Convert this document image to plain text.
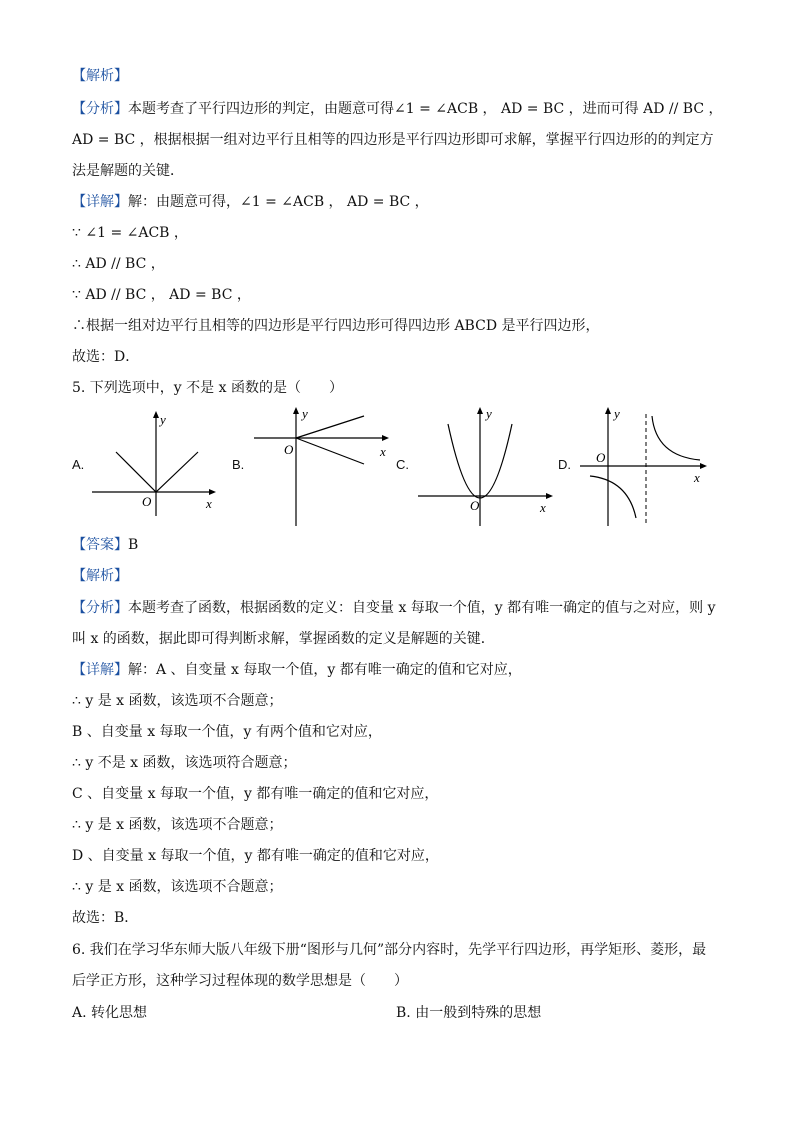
【解析】
【分析】本题考查了平行四边形的判定，由题意可得∠1 = ∠ACB ， AD = BC ，进而可得 AD // BC ，
AD = BC ，根据根据一组对边平行且相等的四边形是平行四边形即可求解，掌握平行四边形的的判定方
法是解题的关键．
【详解】解：由题意可得，∠1 = ∠ACB ， AD = BC ，
∵ ∠1 = ∠ACB ，
∴ AD // BC ，
∵ AD // BC ， AD = BC ，
∴根据一组对边平行且相等的四边形是平行四边形可得四边形 ABCD 是平行四边形，
故选：D．
5. 下列选项中，y 不是 x 函数的是（　　）
A.
y
x
O
B.
y
x
O
C.
y
x
O
D.
y
x
O
【答案】B
【解析】
【分析】本题考查了函数，根据函数的定义：自变量 x 每取一个值，y 都有唯一确定的值与之对应，则 y
叫 x 的函数，据此即可得判断求解，掌握函数的定义是解题的关键．
【详解】解：A 、自变量 x 每取一个值，y 都有唯一确定的值和它对应，
∴ y 是 x 函数，该选项不合题意；
B 、自变量 x 每取一个值，y 有两个值和它对应，
∴ y 不是 x 函数，该选项符合题意；
C 、自变量 x 每取一个值，y 都有唯一确定的值和它对应，
∴ y 是 x 函数，该选项不合题意；
D 、自变量 x 每取一个值，y 都有唯一确定的值和它对应，
∴ y 是 x 函数，该选项不合题意；
故选：B．
6. 我们在学习华东师大版八年级下册“图形与几何”部分内容时，先学平行四边形，再学矩形、菱形，最
后学正方形，这种学习过程体现的数学思想是（　　）
A. 转化思想	B. 由一般到特殊的思想
